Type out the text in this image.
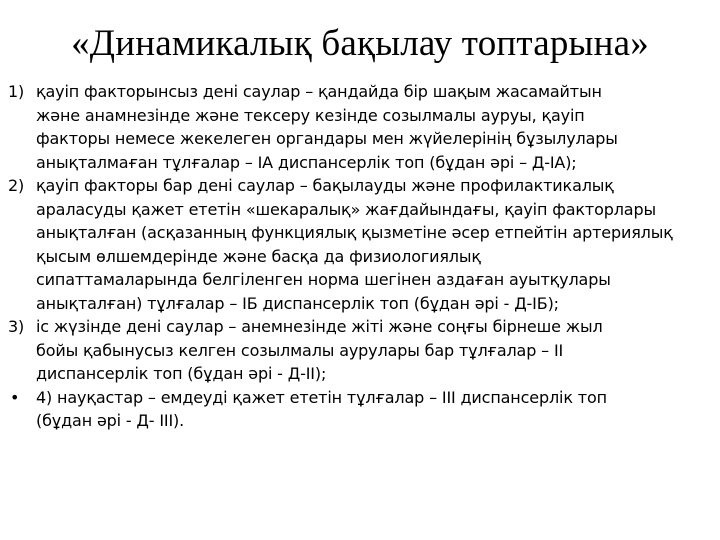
«Динамикалық бақылау топтарына»
1) қауіп факторынсыз дені саулар – қандайда бір шақым жасамайтын
және анамнезінде және тексеру кезінде созылмалы ауруы, қауіп
факторы немесе жекелеген органдары мен жүйелерінің бұзылулары
анықталмаған тұлғалар – IA диспансерлік топ (бұдан әрі – Д-IA);
2) қауіп факторы бар дені саулар – бақылауды және профилактикалық
араласуды қажет ететін «шекаралық» жағдайындағы, қауіп факторлары
анықталған (асқазанның функциялық қызметіне әсер етпейтін артериялық
қысым өлшемдерінде және басқа да физиологиялық
сипаттамаларында белгіленген норма шегінен аздаған ауытқулары
анықталған) тұлғалар – IБ диспансерлік топ (бұдан әрі - Д-IБ);
3) іс жүзінде дені саулар – анемнезінде жіті және соңғы бірнеше жыл
бойы қабынусыз келген созылмалы аурулары бар тұлғалар – II
диспансерлік топ (бұдан әрі - Д-II);
•	4) науқастар – емдеуді қажет ететін тұлғалар – III диспансерлік топ
(бұдан әрі - Д- III).
